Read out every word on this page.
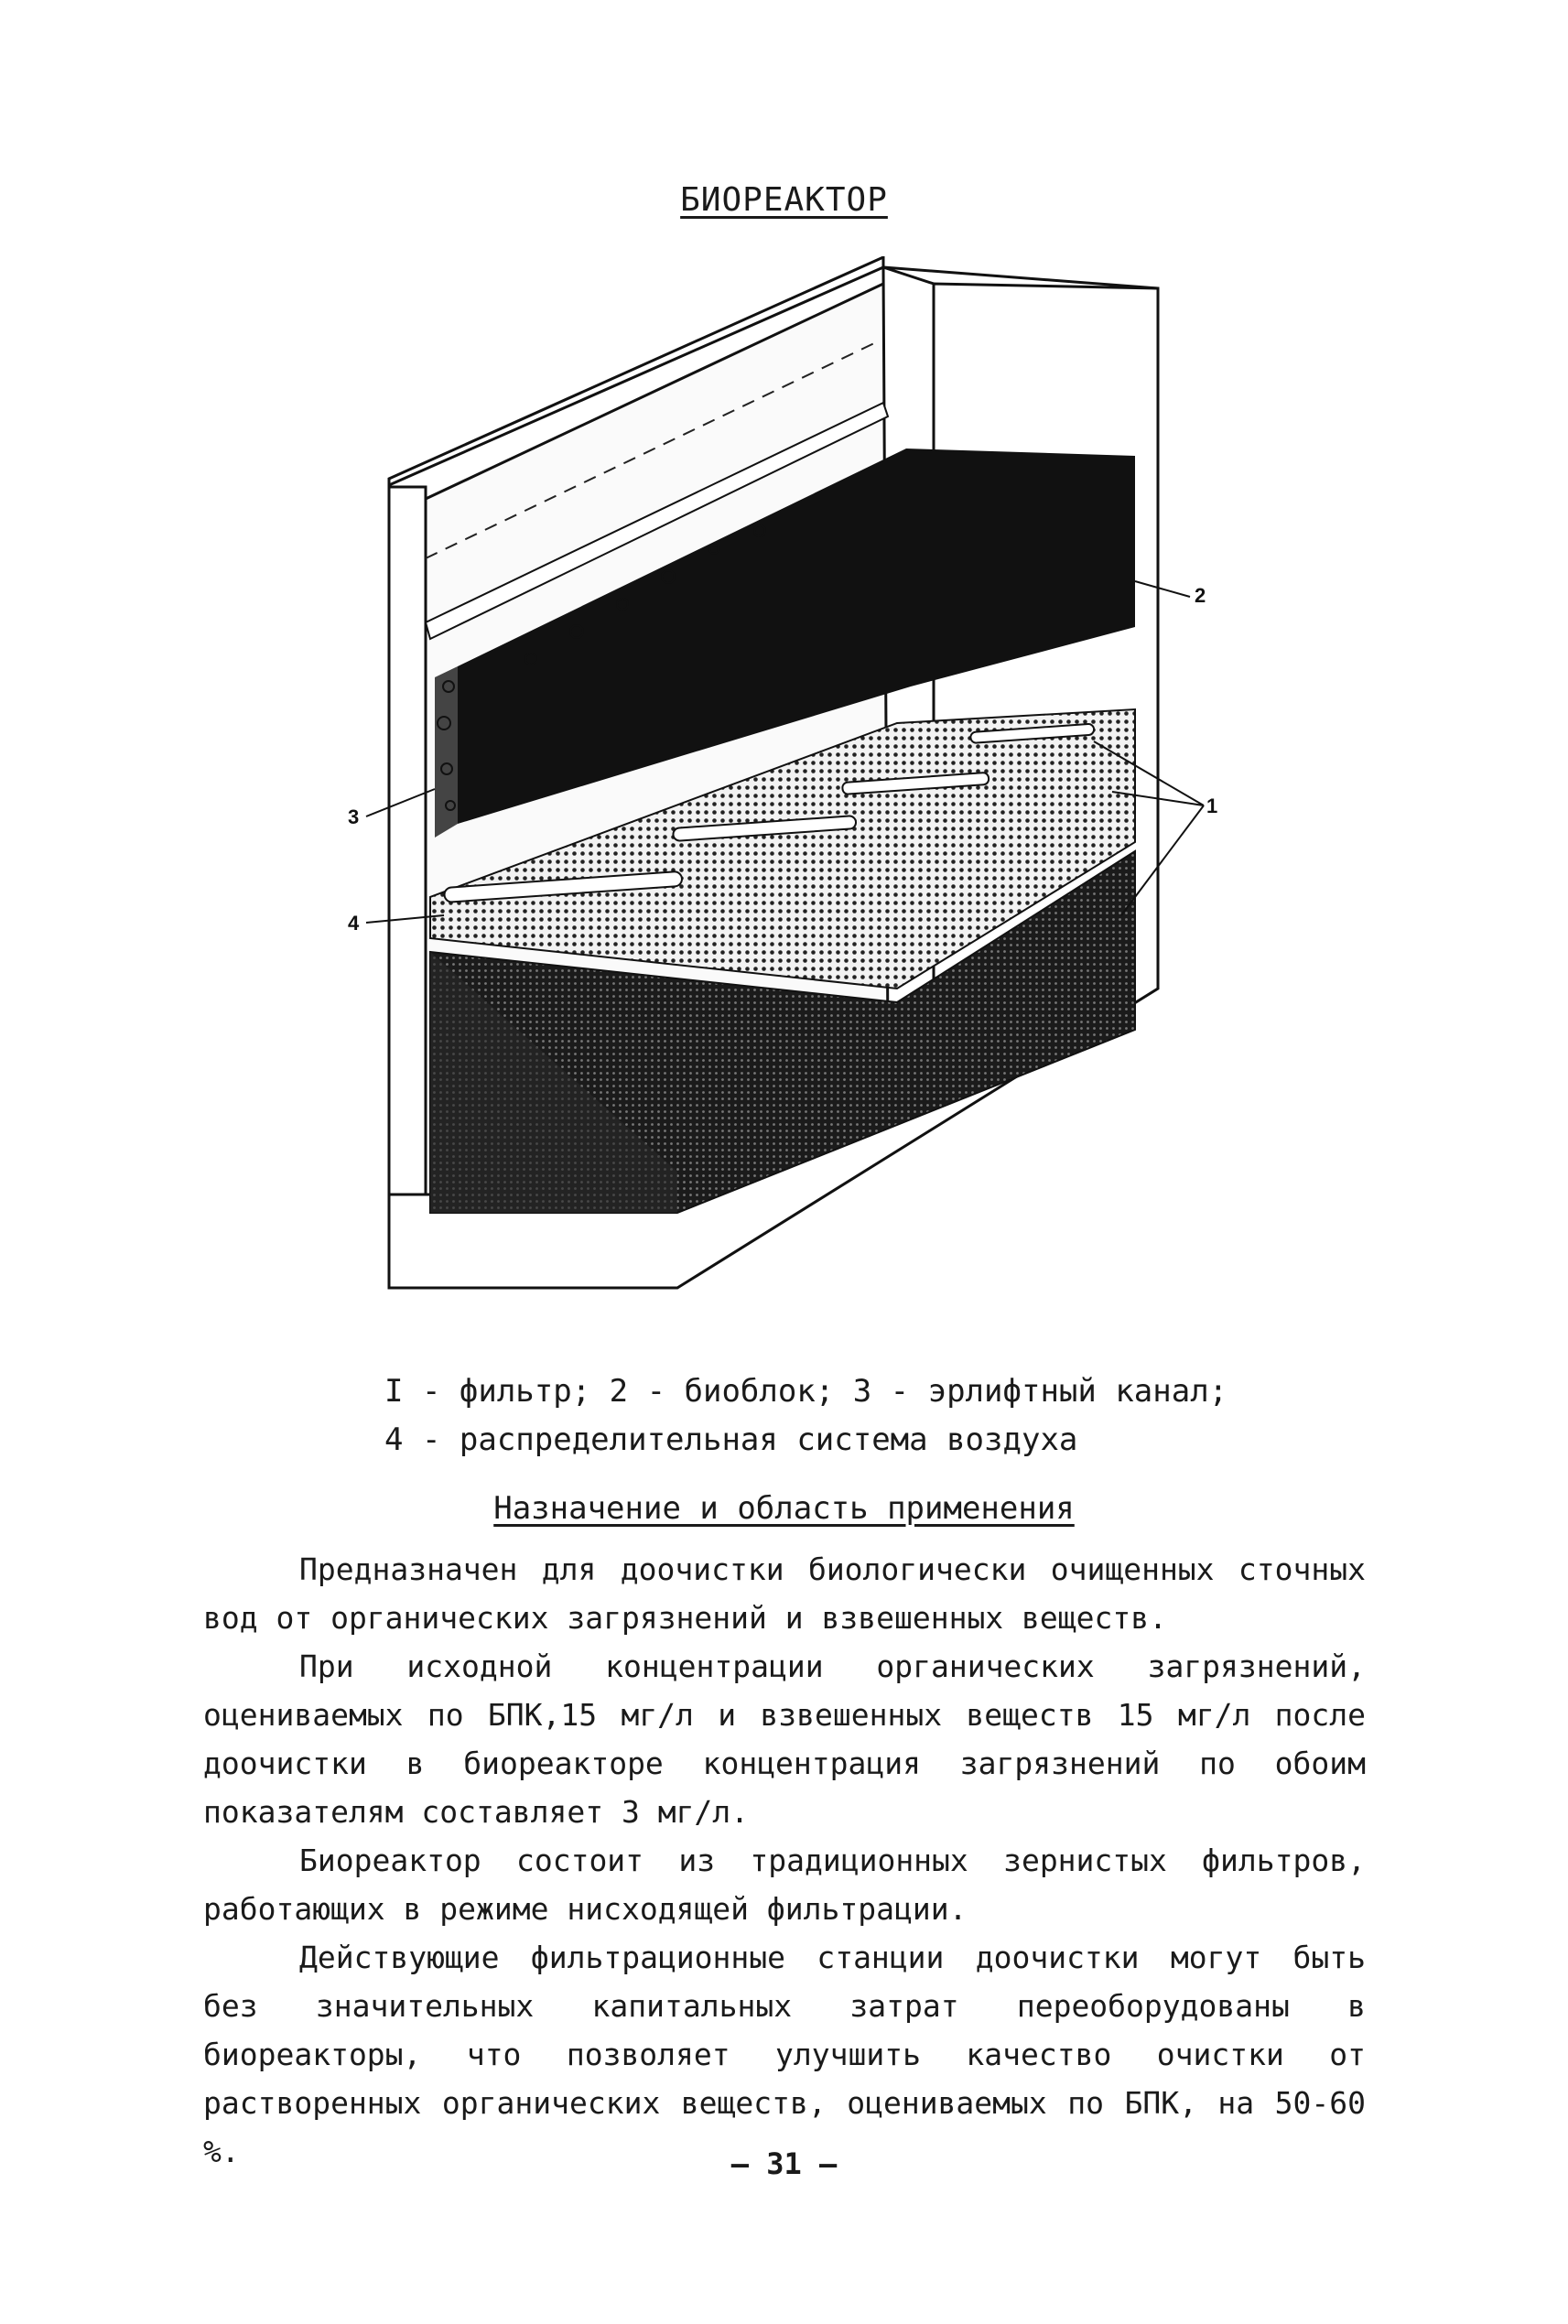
БИОРЕАКТОР
1
2
3
4
I - фильтр; 2 - биоблок; 3 - эрлифтный канал;
4 - распределительная система воздуха
Назначение и область применения

Предназначен для доочистки биологически очищенных сточных вод от органических загрязнений и взвешенных веществ.

При исходной концентрации органических загрязнений, оцениваемых по БПК,15 мг/л и взвешенных веществ 15 мг/л после доочистки в биореакторе концентрация загрязнений по обоим показателям составляет 3 мг/л.

Биореактор состоит из традиционных зернистых фильтров, работающих в режиме нисходящей фильтрации.

Действующие фильтрационные станции доочистки могут быть без значительных капитальных затрат переоборудованы в биореакторы, что позволяет улучшить качество очистки от растворенных органических веществ, оцениваемых по БПК, на 50-60 %.	— 31 —
